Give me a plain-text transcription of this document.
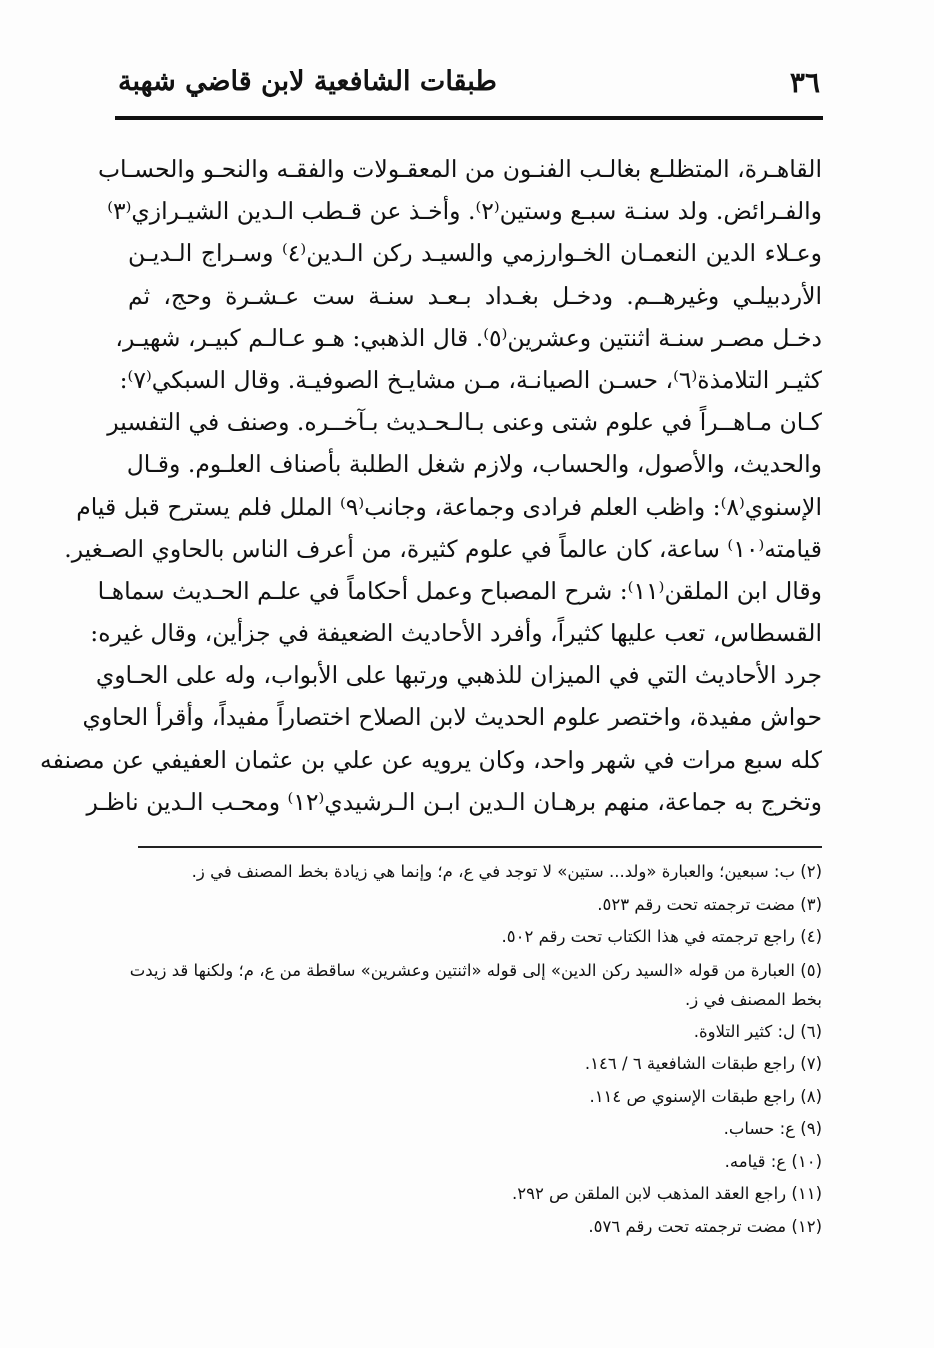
٣٦
طبقات الشافعية لابن قاضي شهبة
القاهـرة، المتظلـع بغالـب الفنـون من المعقـولات والفقـه والنحـو والحسـاب
والفـرائض. ولد سنـة سبـع وستين⁽٢⁾. وأخـذ عن قـطب الـدين الشيـرازي⁽٣⁾
وعـلاء الدين النعمـان الخـوارزمي والسيـد ركن الـدين⁽٤⁾ وسـراج الـديـن
الأردبيلـي وغيرهــم. ودخـل بغـداد بـعـد سنـة ست عـشـرة وحج، ثم
دخـل مصـر سنـة اثنتين وعشرين⁽٥⁾. قال الذهبي: هـو عـالـم كبيـر، شهيـر،
كثيـر التلامذة⁽٦⁾، حسـن الصيانـة، مـن مشايـخ الصوفيـة. وقال السبكي⁽٧⁾:
كـان مـاهــراً في علوم شتى وعنى بـالـحـديث بـآخــره. وصنف في التفسير
والحديث، والأصول، والحساب، ولازم شغل الطلبة بأصناف العلـوم. وقـال
الإسنوي⁽٨⁾: واظب العلم فرادى وجماعة، وجانب⁽٩⁾ الملل فلم يسترح قبل قيام
قيامته⁽١٠⁾ ساعة، كان عالماً في علوم كثيرة، من أعرف الناس بالحاوي الصـغير.
وقال ابن الملقن⁽١١⁾: شرح المصباح وعمل أحكاماً في علـم الحـديث سماهـا
القسطاس، تعب عليها كثيراً، وأفرد الأحاديث الضعيفة في جزأين، وقال غيره:
جرد الأحاديث التي في الميزان للذهبي ورتبها على الأبواب، وله على الحـاوي
حواش مفيدة، واختصر علوم الحديث لابن الصلاح اختصاراً مفيداً، وأقرأ الحاوي
كله سبع مرات في شهر واحد، وكان يرويه عن علي بن عثمان العفيفي عن مصنفه
وتخرج به جماعة، منهم برهـان الـدين ابـن الـرشيدي⁽١٢⁾ ومحـب الـدين ناظـر
(٢) ب: سبعين؛ والعبارة «ولد... ستين» لا توجد في ع، م؛ وإنما هي زيادة بخط المصنف في ز.
(٣) مضت ترجمته تحت رقم ٥٢٣.
(٤) راجع ترجمته في هذا الكتاب تحت رقم ٥٠٢.
(٥) العبارة من قوله «السيد ركن الدين» إلى قوله «اثنتين وعشرين» ساقطة من ع، م؛ ولكنها قد زيدت بخط المصنف في ز.
(٦) ل: كثير التلاوة.
(٧) راجع طبقات الشافعية ٦ / ١٤٦.
(٨) راجع طبقات الإسنوي ص ١١٤.
(٩) ع: حساب.
(١٠) ع: قيامه.
(١١) راجع العقد المذهب لابن الملقن ص ٢٩٢.
(١٢) مضت ترجمته تحت رقم ٥٧٦.
